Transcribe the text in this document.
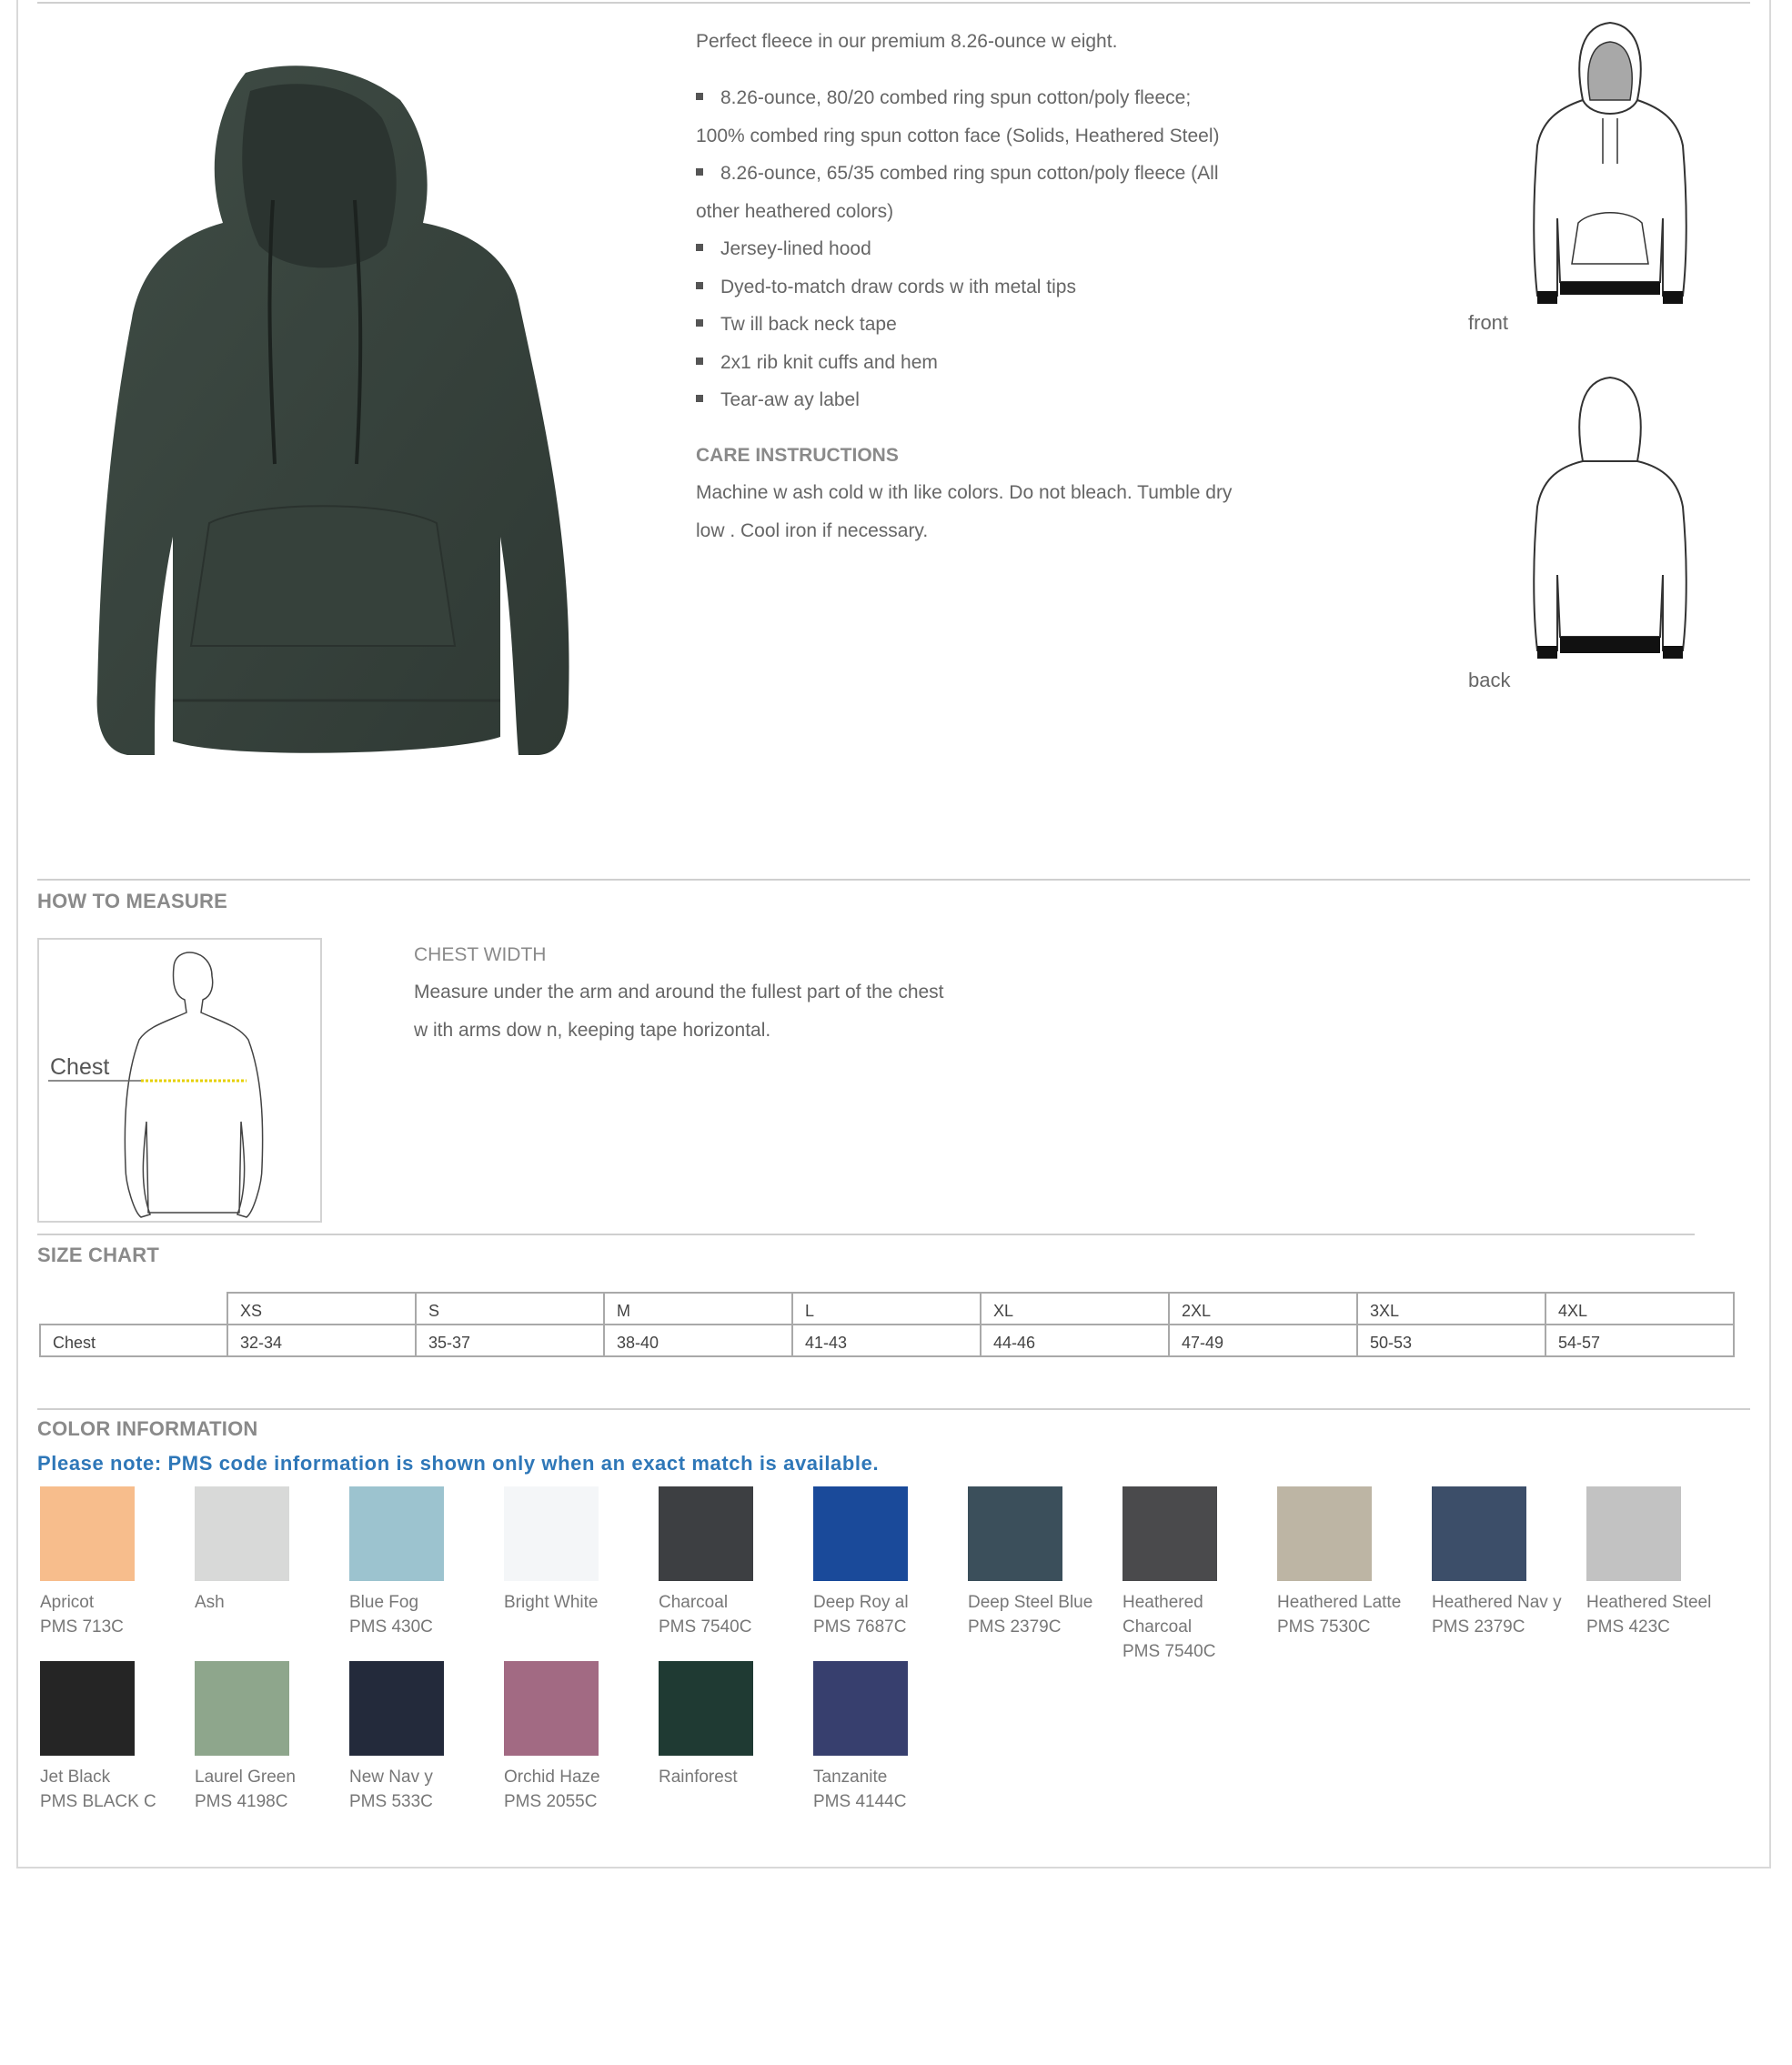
Perfect fleece in our premium 8.26-ounce w eight.
8.26-ounce, 80/20 combed ring spun cotton/poly fleece;
100% combed ring spun cotton face (Solids, Heathered Steel)
8.26-ounce, 65/35 combed ring spun cotton/poly fleece (All
other heathered colors)
Jersey-lined hood
Dyed-to-match draw cords w ith metal tips
Tw ill back neck tape
2x1 rib knit cuffs and hem
Tear-aw ay label
CARE INSTRUCTIONS
Machine w ash cold w ith like colors. Do not bleach. Tumble dry
low . Cool iron if necessary.
front
back
HOW TO MEASURE
Chest
CHEST WIDTH
Measure under the arm and around the fullest part of the chest
w ith arms dow n, keeping tape horizontal.
SIZE CHART
	XS	S	M	L	XL	2XL	3XL	4XL
Chest	32-34	35-37	38-40	41-43	44-46	47-49	50-53	54-57
COLOR INFORMATION
Please note: PMS code information is shown only when an exact match is available.
Apricot
PMS 713C
Ash	Blue Fog
PMS 430C
Bright White	Charcoal
PMS 7540C
Deep Roy al
PMS 7687C
Deep Steel Blue
PMS 2379C
Heathered
Charcoal
PMS 7540C
Heathered Latte
PMS 7530C
Heathered Nav y
PMS 2379C
Heathered Steel
PMS 423C
Jet Black
PMS BLACK C
Laurel Green
PMS 4198C
New Nav y
PMS 533C
Orchid Haze
PMS 2055C
Rainforest	Tanzanite
PMS 4144C
